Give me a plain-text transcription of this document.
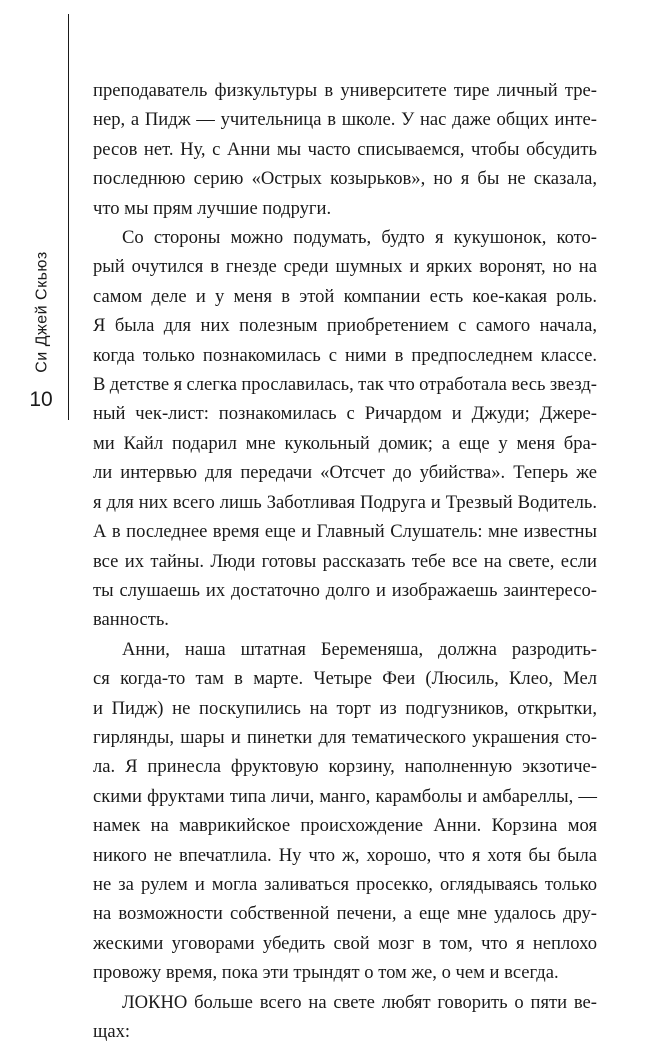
Си Джей Скьюз
10
преподаватель физкультуры в университете тире личный тре-
нер, а Пидж — учительница в школе. У нас даже общих инте-
ресов нет. Ну, с Анни мы часто списываемся, чтобы обсудить
последнюю серию «Острых козырьков», но я бы не сказала,
что мы прям лучшие подруги.
Со стороны можно подумать, будто я кукушонок, кото-
рый очутился в гнезде среди шумных и ярких воронят, но на
самом деле и у меня в этой компании есть кое-какая роль.
Я была для них полезным приобретением с самого начала,
когда только познакомилась с ними в предпоследнем классе.
В детстве я слегка прославилась, так что отработала весь звезд-
ный чек-лист: познакомилась с Ричардом и Джуди; Джере-
ми Кайл подарил мне кукольный домик; а еще у меня бра-
ли интервью для передачи «Отсчет до убийства». Теперь же
я для них всего лишь Заботливая Подруга и Трезвый Водитель.
А в последнее время еще и Главный Слушатель: мне известны
все их тайны. Люди готовы рассказать тебе все на свете, если
ты слушаешь их достаточно долго и изображаешь заинтересо-
ванность.
Анни, наша штатная Беременяша, должна разродить-
ся когда-то там в марте. Четыре Феи (Люсиль, Клео, Мел
и Пидж) не поскупились на торт из подгузников, открытки,
гирлянды, шары и пинетки для тематического украшения сто-
ла. Я принесла фруктовую корзину, наполненную экзотиче-
скими фруктами типа личи, манго, карамболы и амбареллы, —
намек на маврикийское происхождение Анни. Корзина моя
никого не впечатлила. Ну что ж, хорошо, что я хотя бы была
не за рулем и могла заливаться просекко, оглядываясь только
на возможности собственной печени, а еще мне удалось дру-
жескими уговорами убедить свой мозг в том, что я неплохо
провожу время, пока эти трындят о том же, о чем и всегда.
ЛОКНО больше всего на свете любят говорить о пяти ве-
щах:
